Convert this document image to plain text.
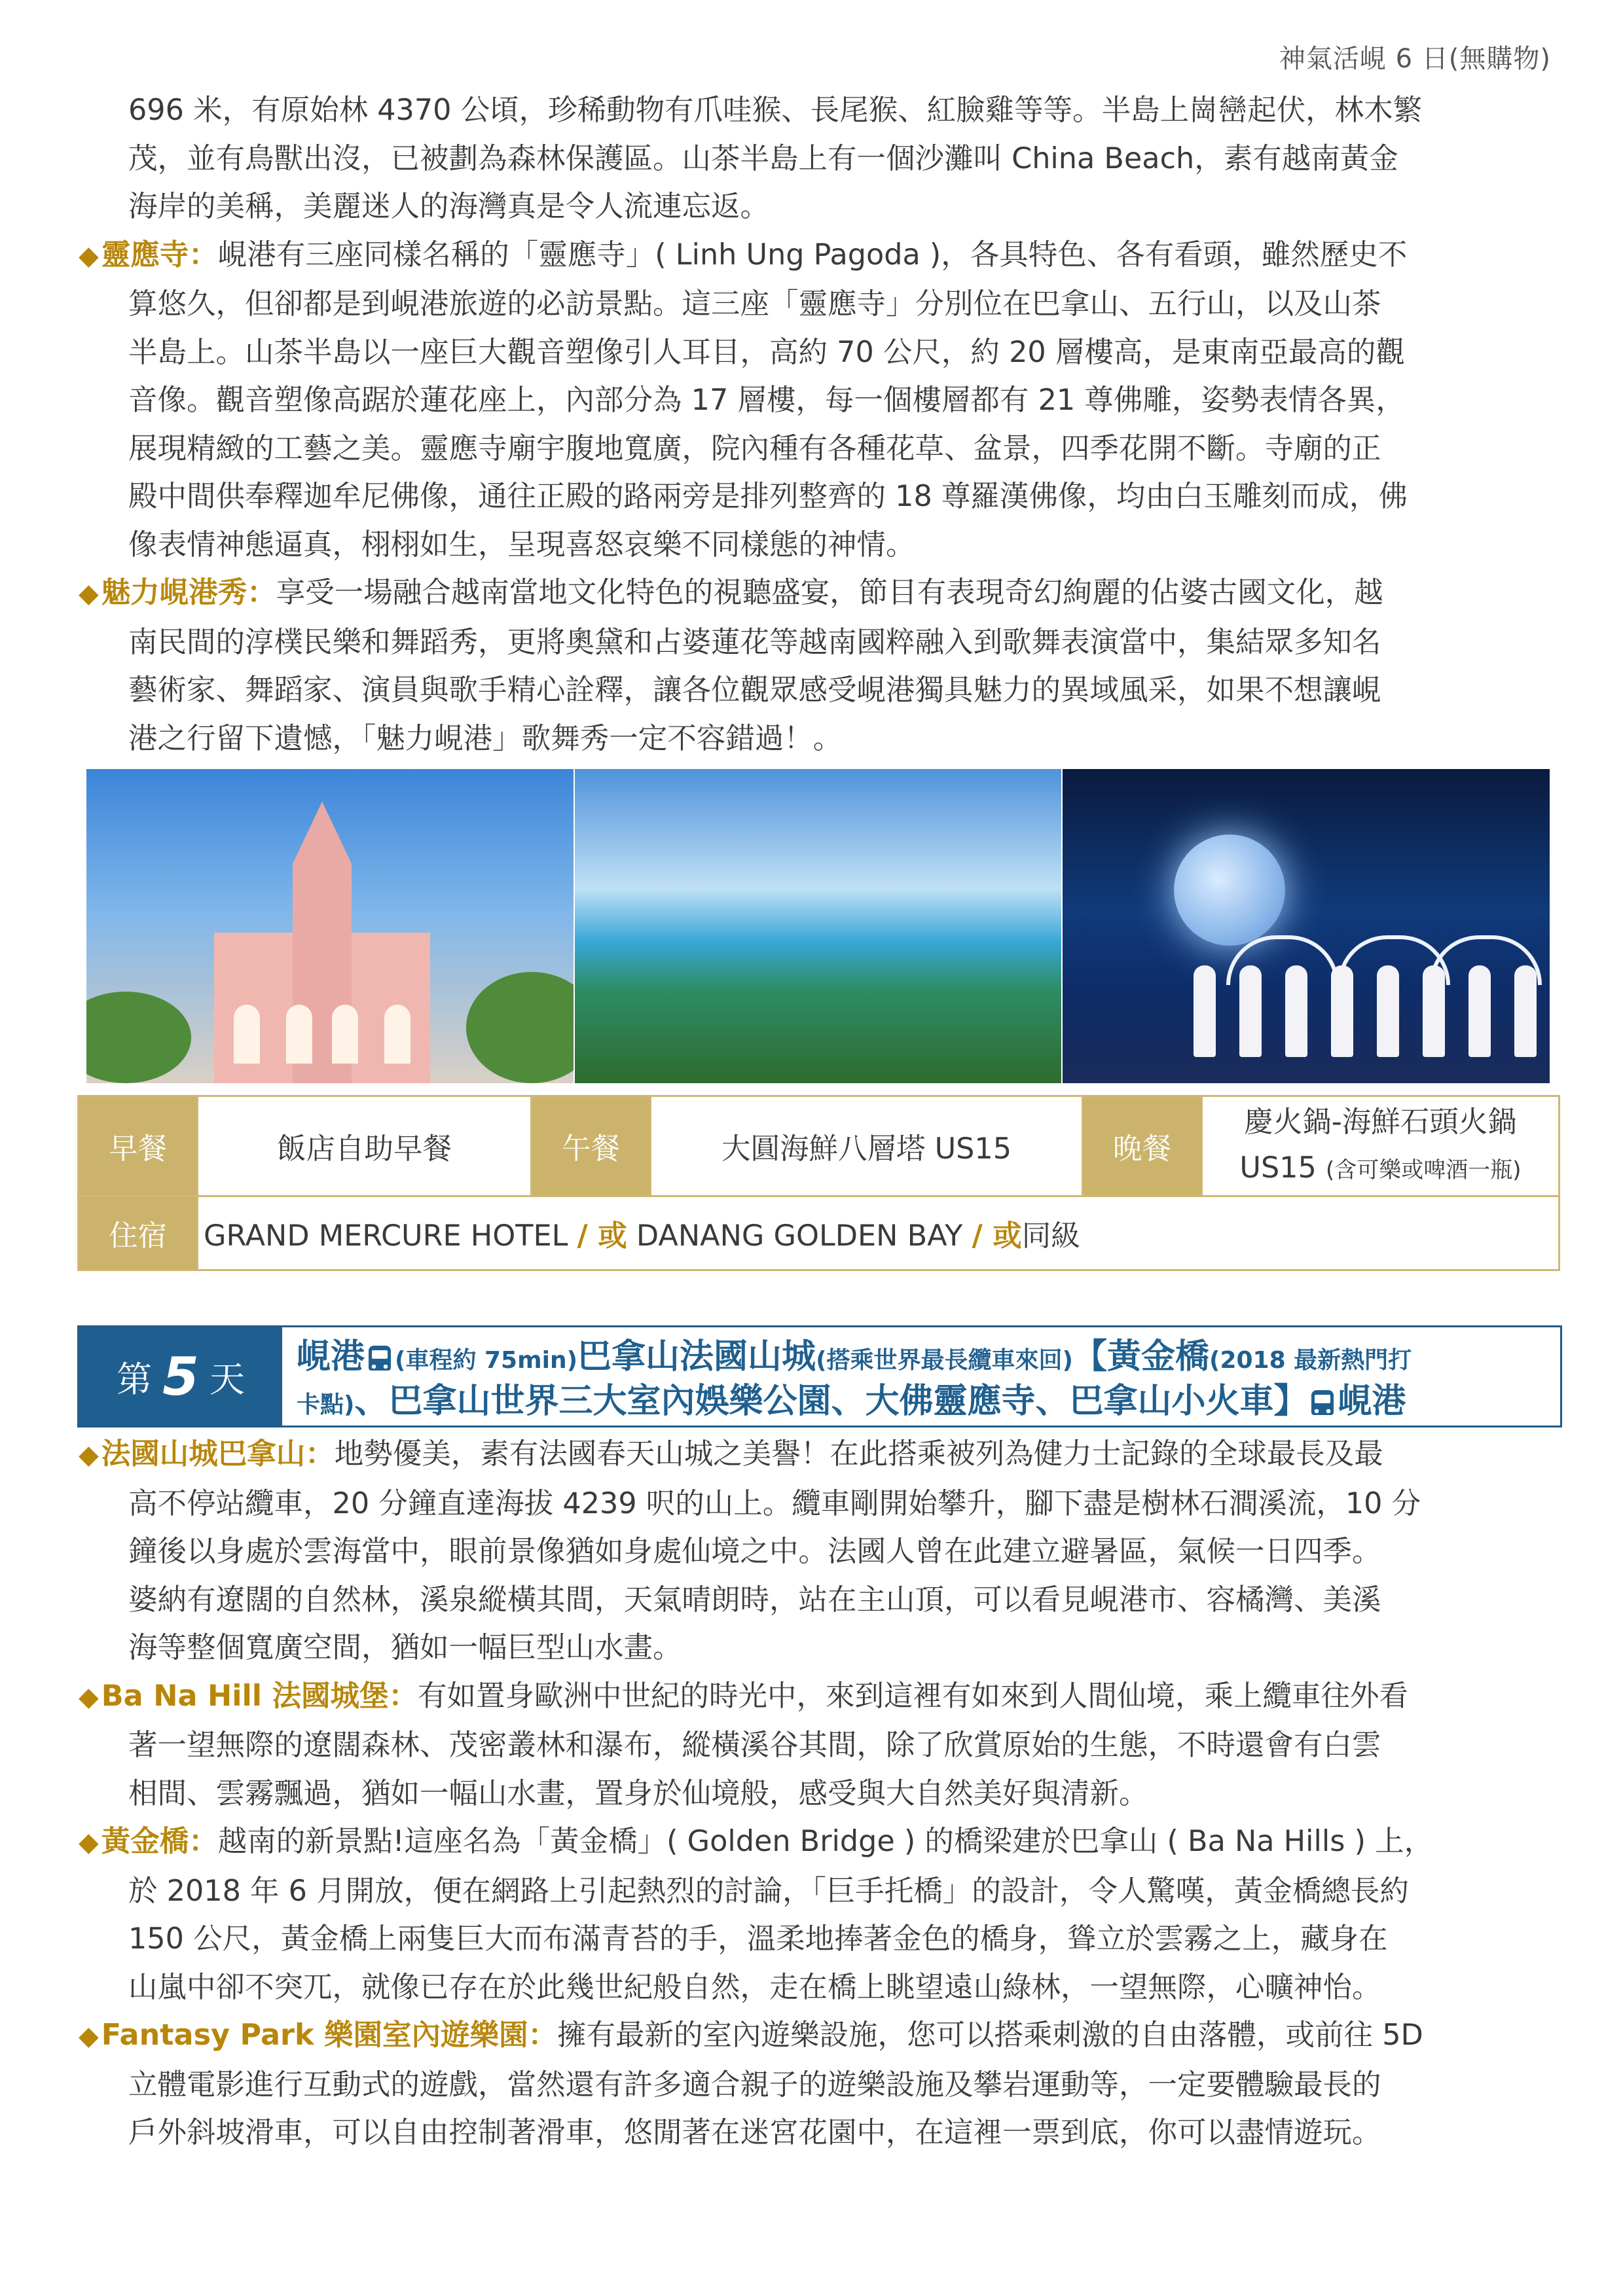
神氣活峴 6 日(無購物)
696 米，有原始林 4370 公頃，珍稀動物有爪哇猴、長尾猴、紅臉雞等等。半島上崗巒起伏，林木繁
茂，並有鳥獸出沒，已被劃為森林保護區。山茶半島上有一個沙灘叫 China Beach，素有越南黃金
海岸的美稱，美麗迷人的海灣真是令人流連忘返。
◆靈應寺：峴港有三座同樣名稱的「靈應寺」( Linh Ung Pagoda )，各具特色、各有看頭，雖然歷史不
算悠久，但卻都是到峴港旅遊的必訪景點。這三座「靈應寺」分別位在巴拿山、五行山，以及山茶
半島上。山茶半島以一座巨大觀音塑像引人耳目，高約 70 公尺，約 20 層樓高，是東南亞最高的觀
音像。觀音塑像高踞於蓮花座上，內部分為 17 層樓，每一個樓層都有 21 尊佛雕，姿勢表情各異，
展現精緻的工藝之美。靈應寺廟宇腹地寬廣，院內種有各種花草、盆景，四季花開不斷。寺廟的正
殿中間供奉釋迦牟尼佛像，通往正殿的路兩旁是排列整齊的 18 尊羅漢佛像，均由白玉雕刻而成，佛
像表情神態逼真，栩栩如生，呈現喜怒哀樂不同樣態的神情。
◆魅力峴港秀：享受一場融合越南當地文化特色的視聽盛宴，節目有表現奇幻絢麗的佔婆古國文化，越
南民間的淳樸民樂和舞蹈秀，更將奧黛和占婆蓮花等越南國粹融入到歌舞表演當中，集結眾多知名
藝術家、舞蹈家、演員與歌手精心詮釋，讓各位觀眾感受峴港獨具魅力的異域風采，如果不想讓峴
港之行留下遺憾，「魅力峴港」歌舞秀一定不容錯過！。
早餐	飯店自助早餐	午餐	大圓海鮮八層塔 US15	晚餐	慶火鍋-海鮮石頭火鍋
US15 (含可樂或啤酒一瓶)

住宿	GRAND MERCURE HOTEL / 或 DANANG GOLDEN BAY / 或同級				
第 5 天
峴港 (車程約 75min)巴拿山法國山城(搭乘世界最長纜車來回)【黃金橋(2018 最新熱門打
卡點)、巴拿山世界三大室內娛樂公園、大佛靈應寺、巴拿山小火車】 峴港
◆法國山城巴拿山：地勢優美，素有法國春天山城之美譽！在此搭乘被列為健力士記錄的全球最長及最
高不停站纜車，20 分鐘直達海拔 4239 呎的山上。纜車剛開始攀升，腳下盡是樹林石澗溪流，10 分
鐘後以身處於雲海當中，眼前景像猶如身處仙境之中。法國人曾在此建立避暑區，氣候一日四季。
婆納有遼闊的自然林，溪泉縱橫其間，天氣晴朗時，站在主山頂，可以看見峴港市、容橘灣、美溪
海等整個寬廣空間，猶如一幅巨型山水畫。
◆Ba Na Hill 法國城堡：有如置身歐洲中世紀的時光中，來到這裡有如來到人間仙境，乘上纜車往外看
著一望無際的遼闊森林、茂密叢林和瀑布，縱橫溪谷其間，除了欣賞原始的生態，不時還會有白雲
相間、雲霧飄過，猶如一幅山水畫，置身於仙境般，感受與大自然美好與清新。
◆黃金橋：越南的新景點!這座名為「黃金橋」( Golden Bridge ) 的橋梁建於巴拿山 ( Ba Na Hills ) 上，
於 2018 年 6 月開放，便在網路上引起熱烈的討論，「巨手托橋」的設計，令人驚嘆，黃金橋總長約
150 公尺，黃金橋上兩隻巨大而布滿青苔的手，溫柔地捧著金色的橋身，聳立於雲霧之上，藏身在
山嵐中卻不突兀，就像已存在於此幾世紀般自然，走在橋上眺望遠山綠林，一望無際，心曠神怡。
◆Fantasy Park 樂園室內遊樂園：擁有最新的室內遊樂設施，您可以搭乘刺激的自由落體，或前往 5D
立體電影進行互動式的遊戲，當然還有許多適合親子的遊樂設施及攀岩運動等，一定要體驗最長的
戶外斜坡滑車，可以自由控制著滑車，悠閒著在迷宮花園中，在這裡一票到底，你可以盡情遊玩。
